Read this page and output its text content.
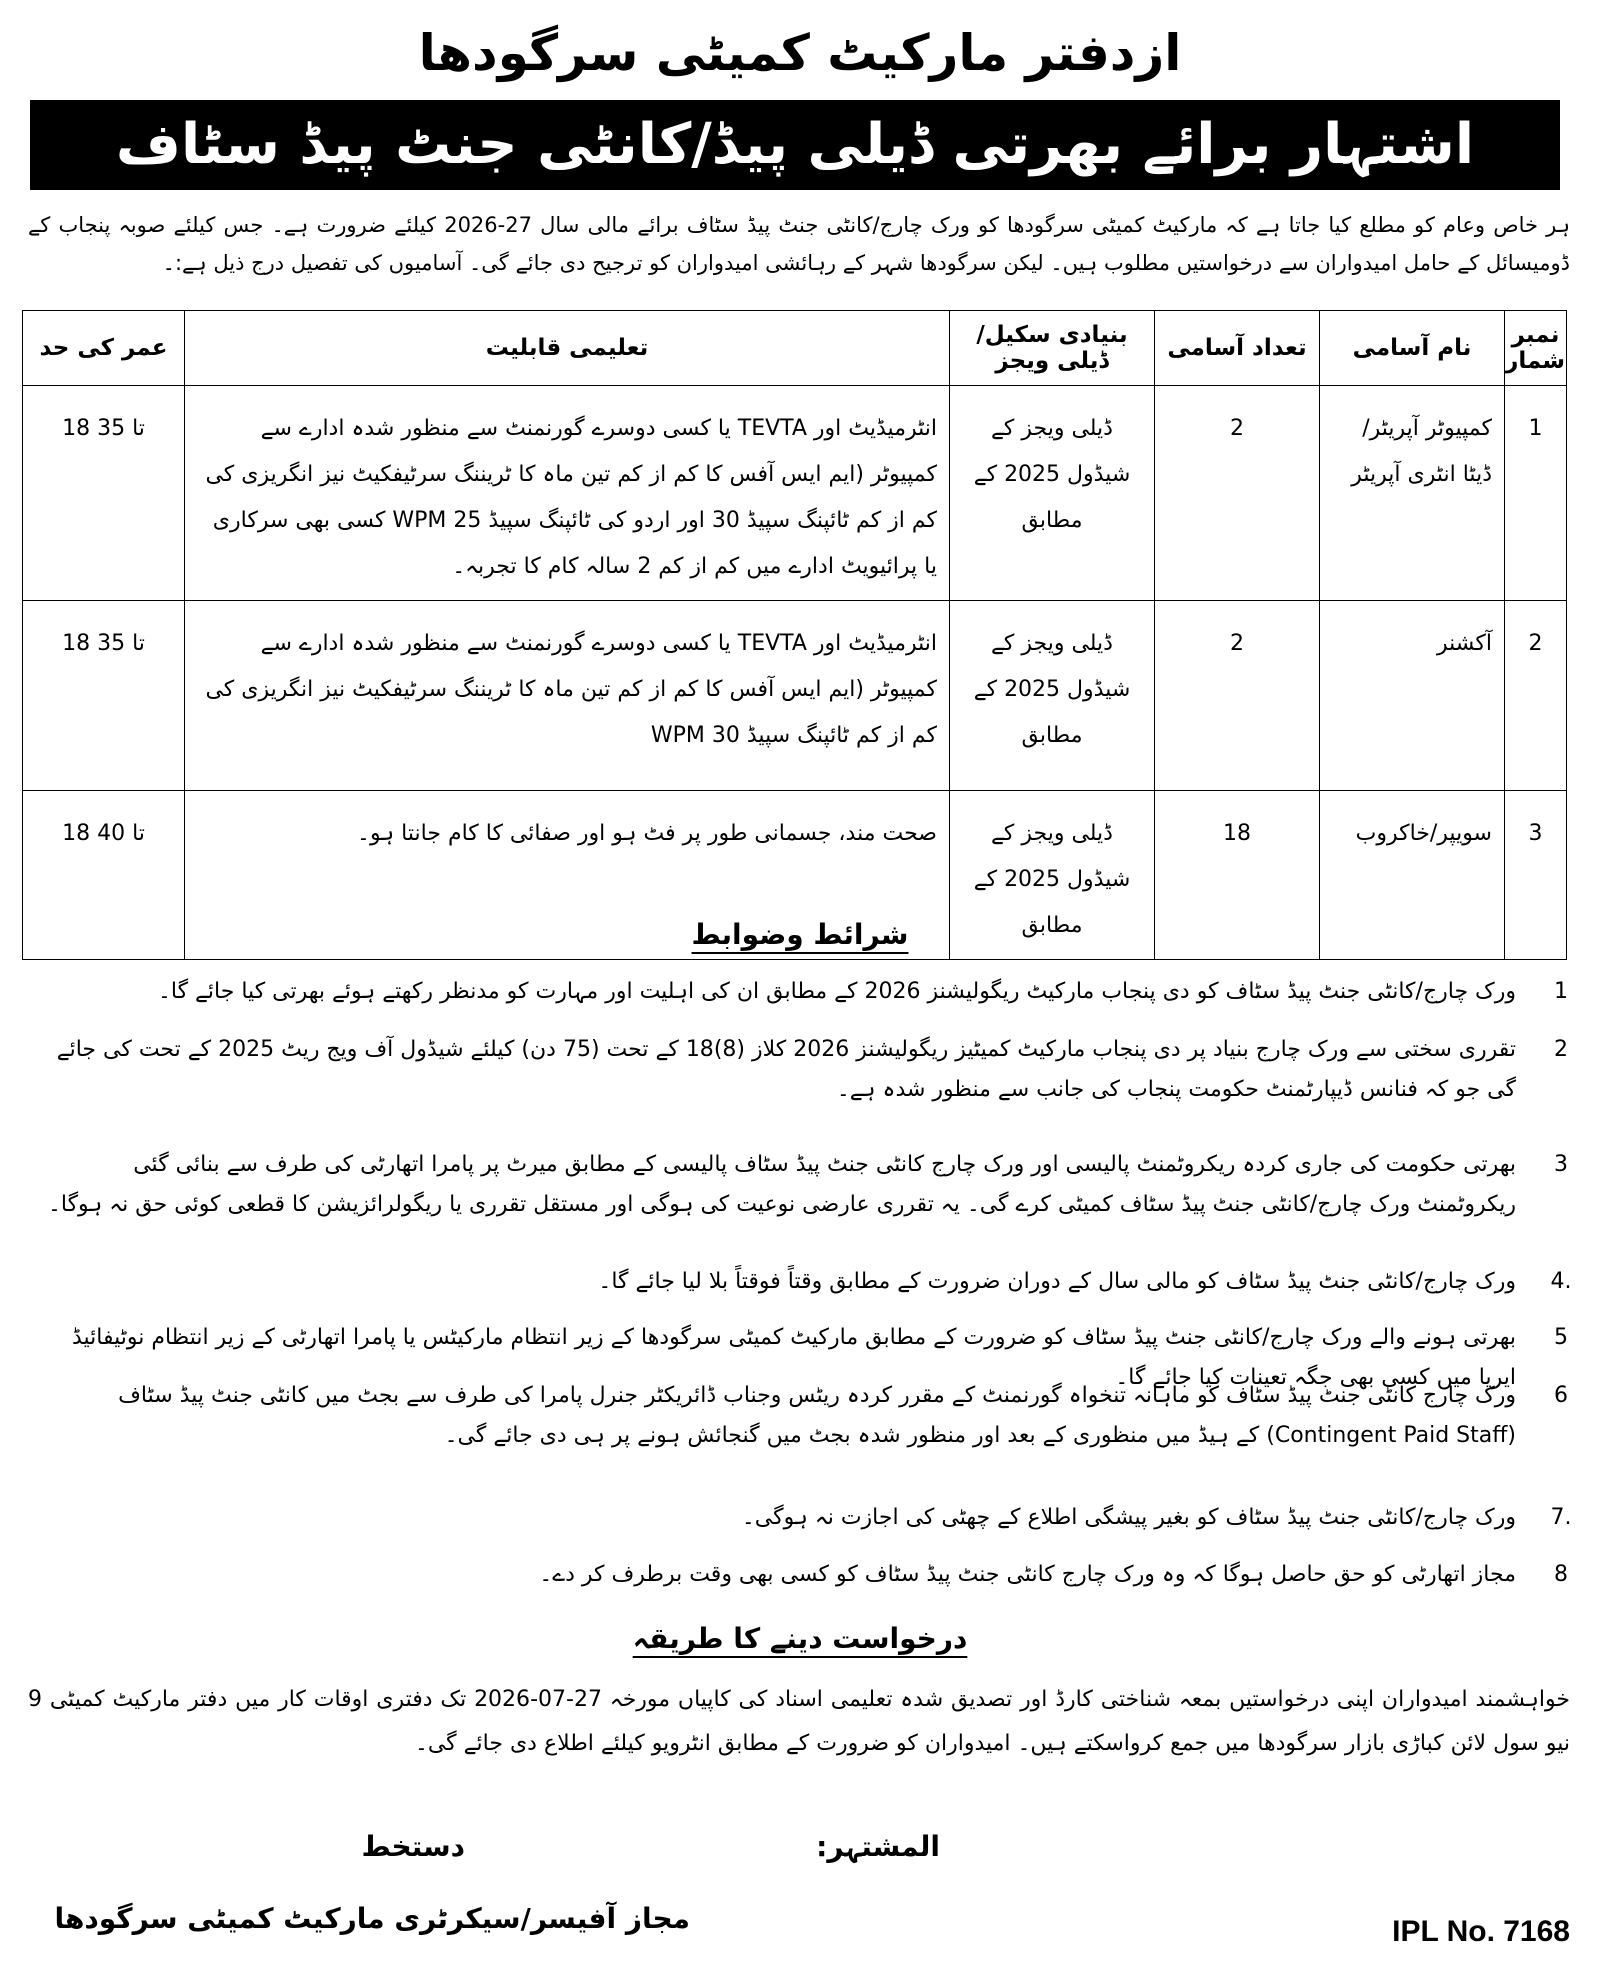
ازدفتر مارکیٹ کمیٹی سرگودھا
اشتہار برائے بھرتی ڈیلی پیڈ/کانٹی جنٹ پیڈ سٹاف
ہر خاص وعام کو مطلع کیا جاتا ہے کہ مارکیٹ کمیٹی سرگودھا کو ورک چارج/کانٹی جنٹ پیڈ سٹاف برائے مالی سال 27-2026 کیلئے ضرورت ہے۔ جس کیلئے صوبہ پنجاب کے ڈومیسائل کے حامل امیدواران سے درخواستیں مطلوب ہیں۔ لیکن سرگودھا شہر کے رہائشی امیدواران کو ترجیح دی جائے گی۔ آسامیوں کی تفصیل درج ذیل ہے:۔
نمبر شمار	نام آسامی	تعداد آسامی	بنیادی سکیل/ڈیلی ویجز	تعلیمی قابلیت	عمر کی حد
1	کمپیوٹر آپریٹر/ ڈیٹا انٹری آپریٹر	2	ڈیلی ویجز کے شیڈول 2025 کے مطابق	انٹرمیڈیٹ اور TEVTA یا کسی دوسرے گورنمنٹ سے منظور شدہ ادارے سے کمپیوٹر (ایم ایس آفس کا کم از کم تین ماہ کا ٹریننگ سرٹیفکیٹ نیز انگریزی کی کم از کم ٹائپنگ سپیڈ 30 اور اردو کی ٹائپنگ سپیڈ 25 WPM کسی بھی سرکاری یا پرائیویٹ ادارے میں کم از کم 2 سالہ کام کا تجربہ۔	18 تا 35
2	آکشنر	2	ڈیلی ویجز کے شیڈول 2025 کے مطابق	انٹرمیڈیٹ اور TEVTA یا کسی دوسرے گورنمنٹ سے منظور شدہ ادارے سے کمپیوٹر (ایم ایس آفس کا کم از کم تین ماہ کا ٹریننگ سرٹیفکیٹ نیز انگریزی کی کم از کم ٹائپنگ سپیڈ 30 WPM	18 تا 35
3	سویپر/خاکروب	18	ڈیلی ویجز کے شیڈول 2025 کے مطابق	صحت مند، جسمانی طور پر فٹ ہو اور صفائی کا کام جانتا ہو۔	18 تا 40
شرائط وضوابط
1
ورک چارج/کانٹی جنٹ پیڈ سٹاف کو دی پنجاب مارکیٹ ریگولیشنز 2026 کے مطابق ان کی اہلیت اور مہارت کو مدنظر رکھتے ہوئے بھرتی کیا جائے گا۔
2
تقرری سختی سے ورک چارج بنیاد پر دی پنجاب مارکیٹ کمیٹیز ریگولیشنز 2026 کلاز (8)18 کے تحت (75 دن) کیلئے شیڈول آف ویج ریٹ 2025 کے تحت کی جائے گی جو کہ فنانس ڈیپارٹمنٹ حکومت پنجاب کی جانب سے منظور شدہ ہے۔
3
بھرتی حکومت کی جاری کردہ ریکروٹمنٹ پالیسی اور ورک چارج کانٹی جنٹ پیڈ سٹاف پالیسی کے مطابق میرٹ پر پامرا اتھارٹی کی طرف سے بنائی گئی ریکروٹمنٹ ورک چارج/کانٹی جنٹ پیڈ سٹاف کمیٹی کرے گی۔ یہ تقرری عارضی نوعیت کی ہوگی اور مستقل تقرری یا ریگولرائزیشن کا قطعی کوئی حق نہ ہوگا۔
4.
ورک چارج/کانٹی جنٹ پیڈ سٹاف کو مالی سال کے دوران ضرورت کے مطابق وقتاً فوقتاً بلا لیا جائے گا۔
5
بھرتی ہونے والے ورک چارج/کانٹی جنٹ پیڈ سٹاف کو ضرورت کے مطابق مارکیٹ کمیٹی سرگودھا کے زیر انتظام مارکیٹس یا پامرا اتھارٹی کے زیر انتظام نوٹیفائیڈ ایریا میں کسی بھی جگہ تعینات کیا جائے گا۔
6
ورک چارج کانٹی جنٹ پیڈ سٹاف کو ماہانہ تنخواہ گورنمنٹ کے مقرر کردہ ریٹس وجناب ڈائریکٹر جنرل پامرا کی طرف سے بجٹ میں کانٹی جنٹ پیڈ سٹاف (Contingent Paid Staff) کے ہیڈ میں منظوری کے بعد اور منظور شدہ بجٹ میں گنجائش ہونے پر ہی دی جائے گی۔
7.
ورک چارج/کانٹی جنٹ پیڈ سٹاف کو بغیر پیشگی اطلاع کے چھٹی کی اجازت نہ ہوگی۔
8
مجاز اتھارٹی کو حق حاصل ہوگا کہ وہ ورک چارج کانٹی جنٹ پیڈ سٹاف کو کسی بھی وقت برطرف کر دے۔
درخواست دینے کا طریقہ
خواہشمند امیدواران اپنی درخواستیں بمعہ شناختی کارڈ اور تصدیق شدہ تعلیمی اسناد کی کاپیاں مورخہ 27-07-2026 تک دفتری اوقات کار میں دفتر مارکیٹ کمیٹی 9 نیو سول لائن کباڑی بازار سرگودھا میں جمع کرواسکتے ہیں۔ امیدواران کو ضرورت کے مطابق انٹرویو کیلئے اطلاع دی جائے گی۔
المشتہر:
دستخط
مجاز آفیسر/سیکرٹری مارکیٹ کمیٹی سرگودھا	IPL No. 7168
